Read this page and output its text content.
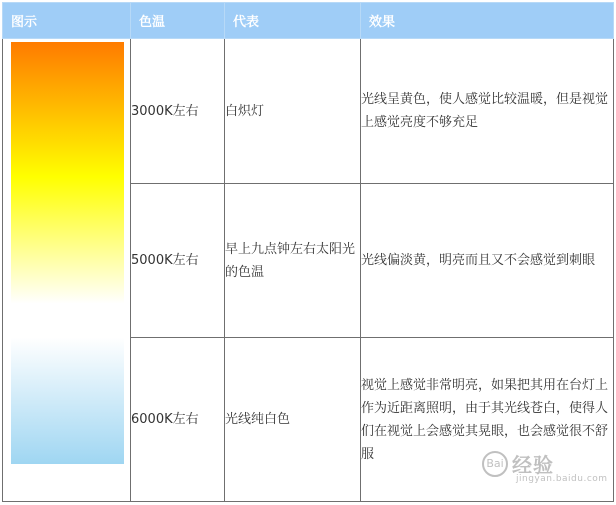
图示	色温	代表	效果

	3000K左右	白炽灯	光线呈黄色，使人感觉比较温暖，但是视觉上感觉亮度不够充足
	5000K左右	早上九点钟左右太阳光的色温	光线偏淡黄，明亮而且又不会感觉到刺眼
	6000K左右	光线纯白色	视觉上感觉非常明亮，如果把其用在台灯上作为近距离照明，由于其光线苍白，使得人们在视觉上会感觉其晃眼，也会感觉很不舒服
Bai 经验
jingyan.baidu.com
